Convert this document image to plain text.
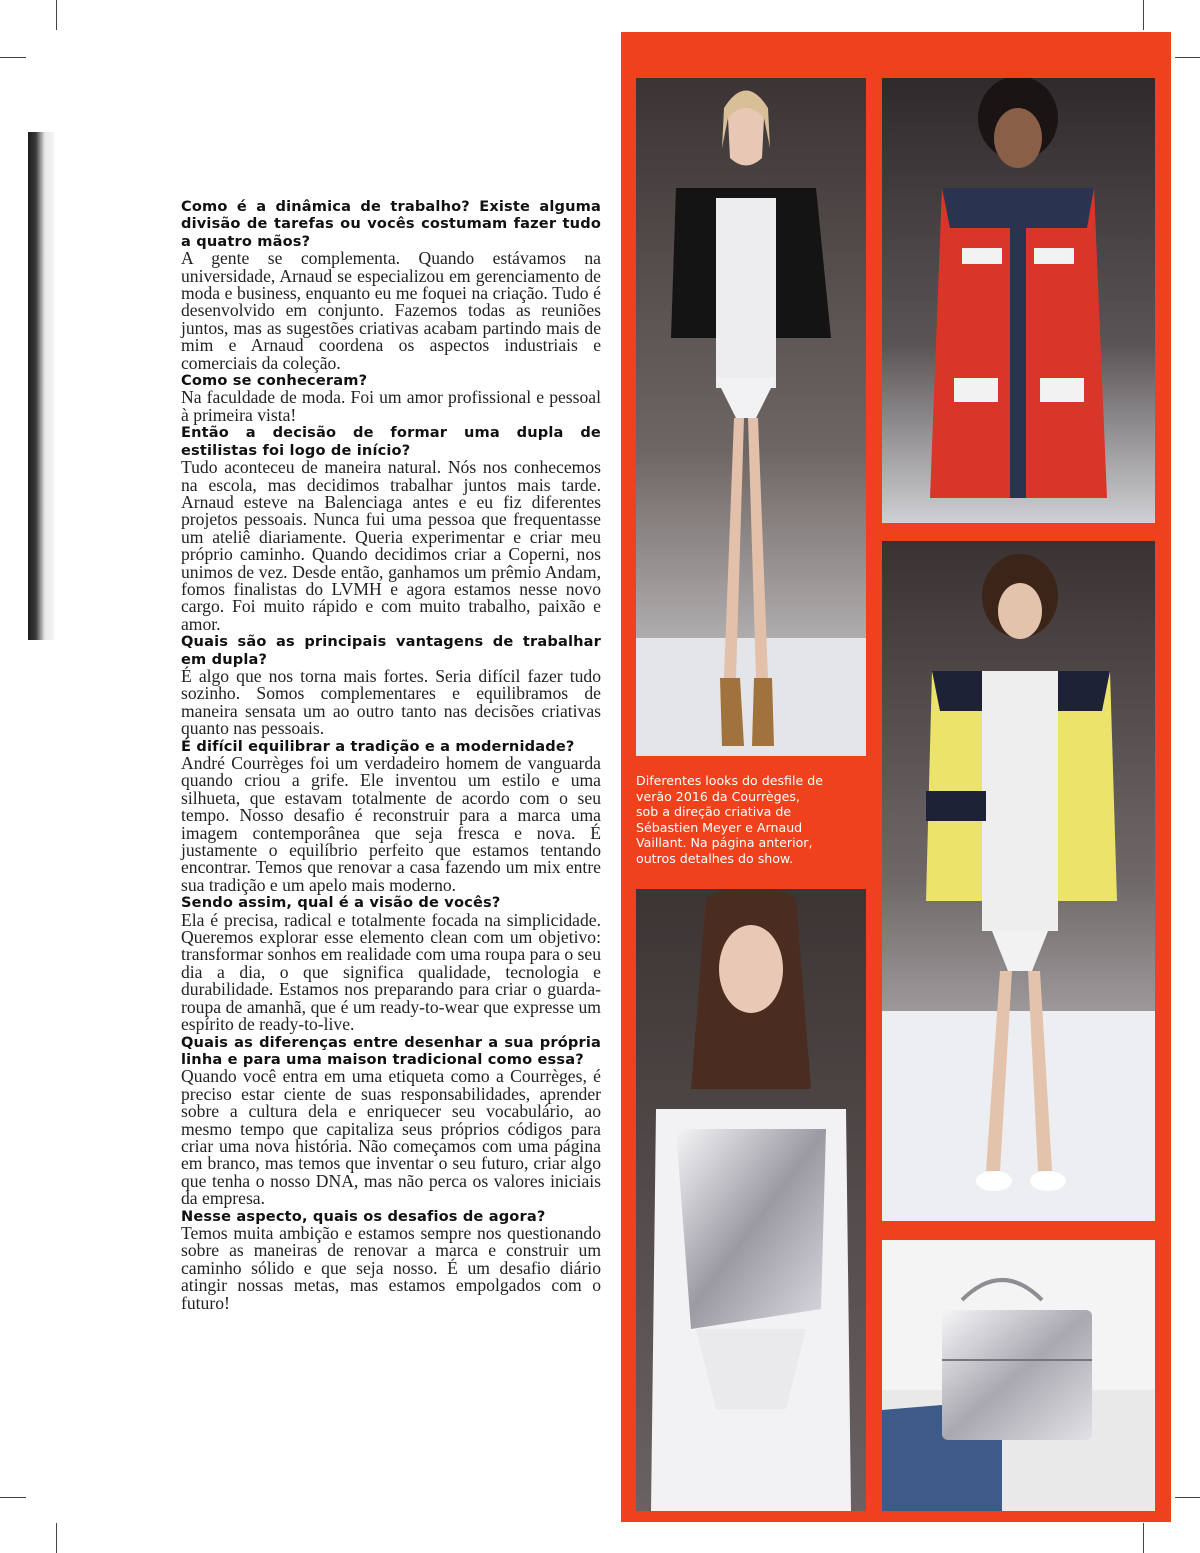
Como é a dinâmica de trabalho? Existe alguma divisão de tarefas ou vocês costumam fazer tudo a quatro mãos?

A gente se complementa. Quando estávamos na universidade, Arnaud se especializou em gerenciamento de moda e business, enquanto eu me foquei na criação. Tudo é desenvolvido em conjunto. Fazemos todas as reuniões juntos, mas as sugestões criativas acabam partindo mais de mim e Arnaud coordena os aspectos industriais e comerciais da coleção.

Como se conheceram?

Na faculdade de moda. Foi um amor profissional e pessoal à primeira vista!

Então a decisão de formar uma dupla de estilistas foi logo de início?

Tudo aconteceu de maneira natural. Nós nos conhecemos na escola, mas decidimos trabalhar juntos mais tarde. Arnaud esteve na Balenciaga antes e eu fiz diferentes projetos pessoais. Nunca fui uma pessoa que frequentasse um ateliê diariamente. Queria experimentar e criar meu próprio caminho. Quando decidimos criar a Coperni, nos unimos de vez. Desde então, ganhamos um prêmio Andam, fomos finalistas do LVMH e agora estamos nesse novo cargo. Foi muito rápido e com muito trabalho, paixão e amor.

Quais são as principais vantagens de trabalhar em dupla?

É algo que nos torna mais fortes. Seria difícil fazer tudo sozinho. Somos complementares e equilibramos de maneira sensata um ao outro tanto nas decisões criativas quanto nas pessoais.

É difícil equilibrar a tradição e a modernidade?

André Courrèges foi um verdadeiro homem de vanguarda quando criou a grife. Ele inventou um estilo e uma silhueta, que estavam totalmente de acordo com o seu tempo. Nosso desafio é reconstruir para a marca uma imagem contemporânea que seja fresca e nova. É justamente o equilíbrio perfeito que estamos tentando encontrar. Temos que renovar a casa fazendo um mix entre sua tradição e um apelo mais moderno.

Sendo assim, qual é a visão de vocês?

Ela é precisa, radical e totalmente focada na simplicidade. Queremos explorar esse elemento clean com um objetivo: transformar sonhos em realidade com uma roupa para o seu dia a dia, o que significa qualidade, tecnologia e durabilidade. Estamos nos preparando para criar o guarda-roupa de amanhã, que é um ready-to-wear que expresse um espírito de ready-to-live.

Quais as diferenças entre desenhar a sua própria linha e para uma maison tradicional como essa?

Quando você entra em uma etiqueta como a Courrèges, é preciso estar ciente de suas responsabilidades, aprender sobre a cultura dela e enriquecer seu vocabulário, ao mesmo tempo que capitaliza seus próprios códigos para criar uma nova história. Não começamos com uma página em branco, mas temos que inventar o seu futuro, criar algo que tenha o nosso DNA, mas não perca os valores iniciais da empresa.

Nesse aspecto, quais os desafios de agora?

Temos muita ambição e estamos sempre nos questionando sobre as maneiras de renovar a marca e construir um caminho sólido e que seja nosso. É um desafio diário atingir nossas metas, mas estamos empolgados com o futuro!

Diferentes looks do desfile de
verão 2016 da Courrèges,
sob a direção criativa de
Sébastien Meyer e Arnaud
Vaillant. Na página anterior,
outros detalhes do show.
